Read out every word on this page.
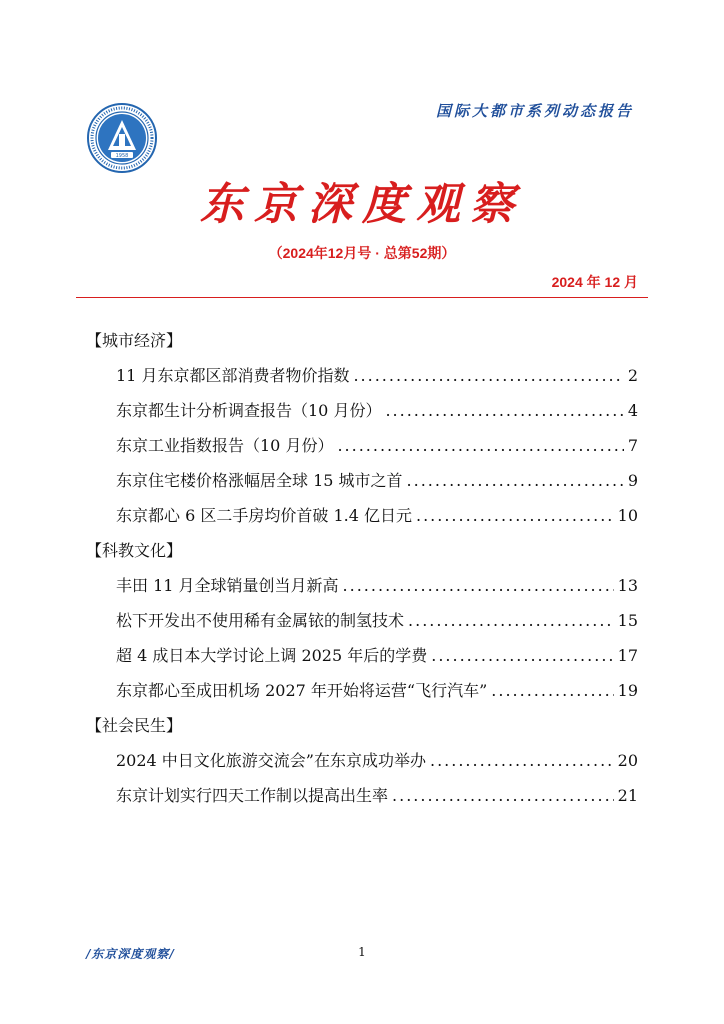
1958
国际大都市系列动态报告
东京深度观察
（2024年12月号 · 总第52期）
2024 年 12 月
【城市经济】
11 月东京都区部消费者物价指数 .....	2
东京都生计分析调查报告（10 月份） .....	4
东京工业指数报告（10 月份） .....	7
东京住宅楼价格涨幅居全球 15 城市之首 .....	9
东京都心 6 区二手房均价首破 1.4 亿日元 .....	10
【科教文化】
丰田 11 月全球销量创当月新高 .....	13
松下开发出不使用稀有金属铱的制氢技术 .....	15
超 4 成日本大学讨论上调 2025 年后的学费 .....	17
东京都心至成田机场 2027 年开始将运营“飞行汽车” .....	19
【社会民生】
2024 中日文化旅游交流会”在东京成功举办 .....	20
东京计划实行四天工作制以提高出生率 .....	21
/东京深度观察/	1
